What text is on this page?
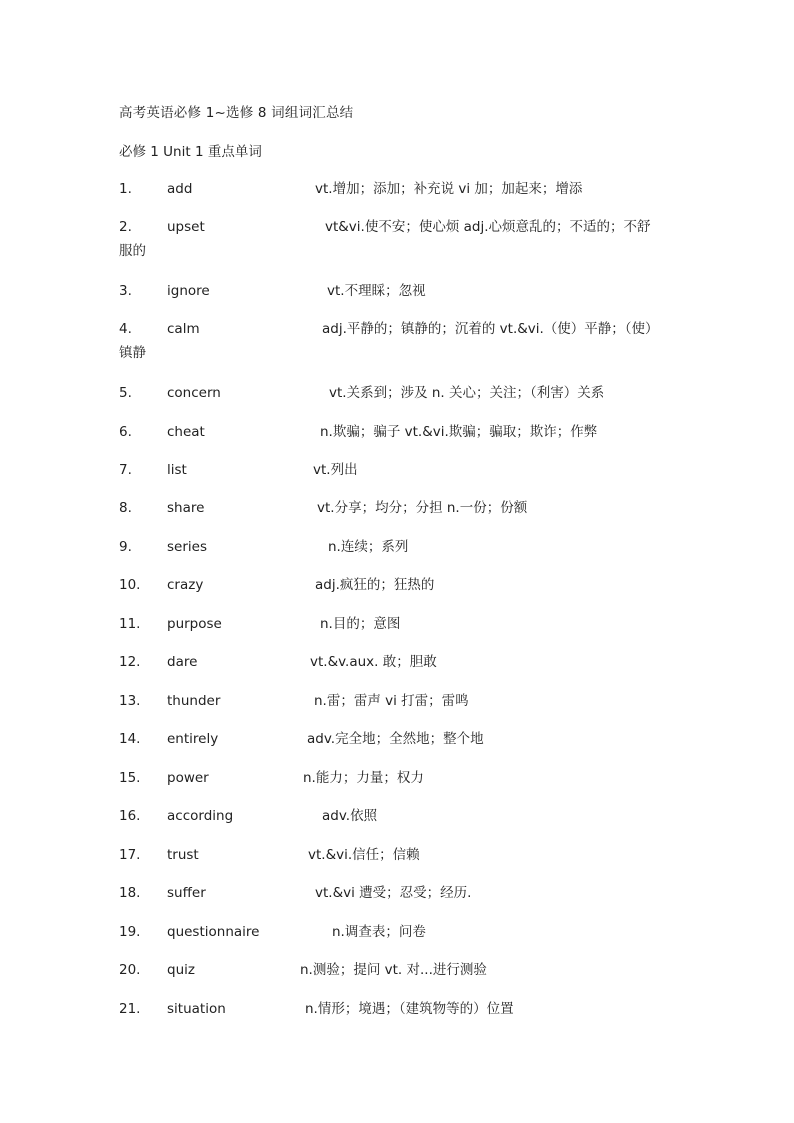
高考英语必修 1~选修 8 词组词汇总结
必修 1 Unit 1 重点单词
1.	add	vt.增加；添加；补充说 vi 加；加起来；增添
2.	upset	vt&vi.使不安；使心烦 adj.心烦意乱的；不适的；不舒
服的
3.	ignore	vt.不理睬；忽视
4.	calm	adj.平静的；镇静的；沉着的 vt.&vi.（使）平静；（使）
镇静
5.	concern	vt.关系到；涉及 n. 关心；关注；（利害）关系
6.	cheat	n.欺骗；骗子 vt.&vi.欺骗；骗取；欺诈；作弊
7.	list	vt.列出
8.	share	vt.分享；均分；分担 n.一份；份额
9.	series	n.连续；系列
10. crazy	adj.疯狂的；狂热的
11. purpose	n.目的；意图
12. dare	vt.&v.aux. 敢；胆敢
13. thunder	n.雷；雷声 vi 打雷；雷鸣
14. entirely	adv.完全地；全然地；整个地
15. power	n.能力；力量；权力
16. according	adv.依照
17. trust	vt.&vi.信任；信赖
18. suffer	vt.&vi 遭受；忍受；经历.
19. questionnaire	n.调查表；问卷
20. quiz	n.测验；提问 vt. 对...进行测验
21. situation	n.情形；境遇；（建筑物等的）位置
